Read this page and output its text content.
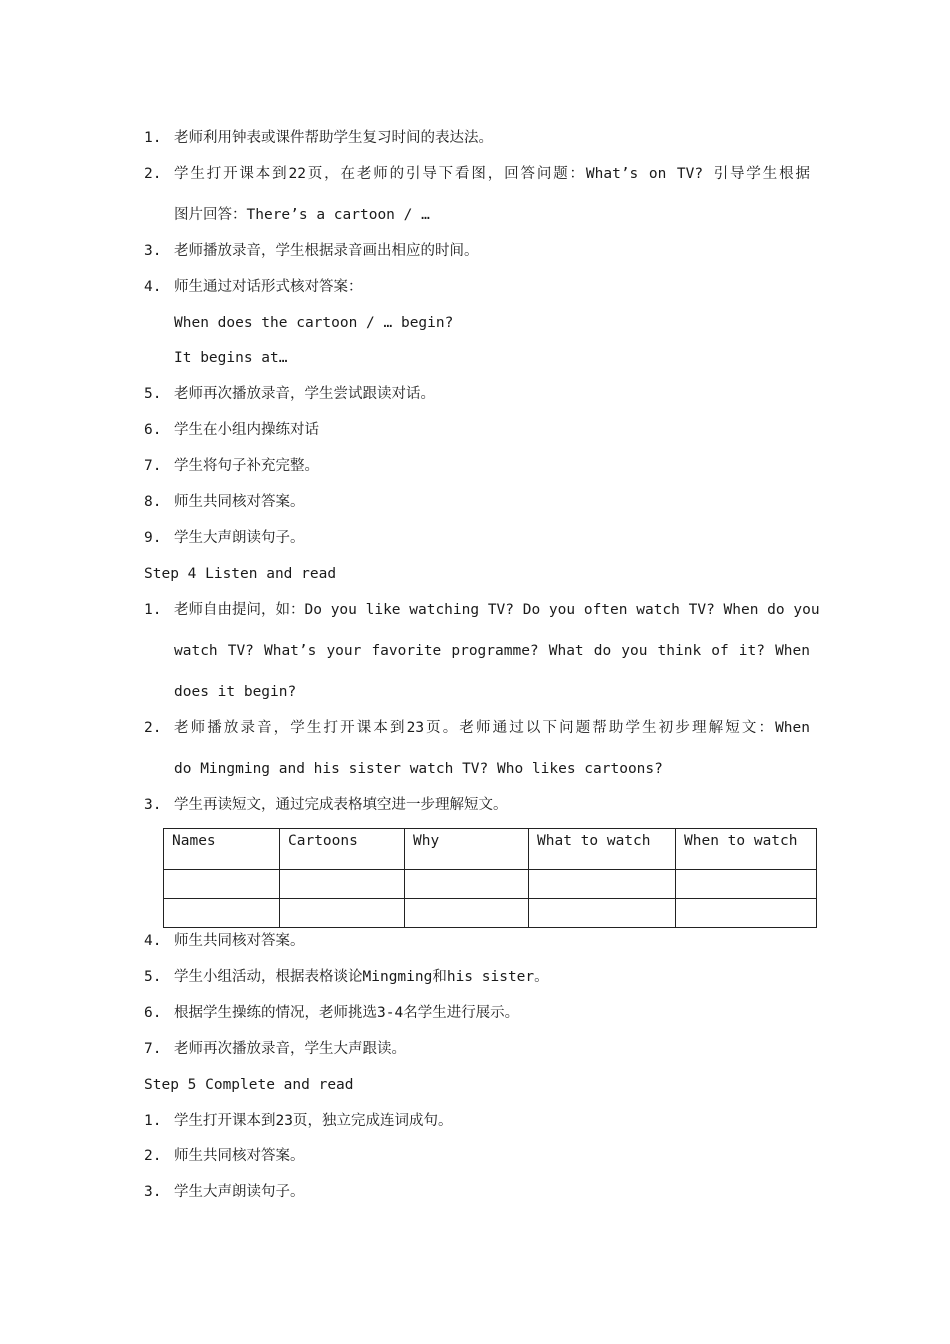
1. 老师利用钟表或课件帮助学生复习时间的表达法。
2. 学生打开课本到22页，在老师的引导下看图，回答问题：What’s on TV? 引导学生根据
图片回答：There’s a cartoon / …
3. 老师播放录音，学生根据录音画出相应的时间。
4. 师生通过对话形式核对答案：
When does the cartoon / … begin?
It begins at…
5. 老师再次播放录音，学生尝试跟读对话。
6. 学生在小组内操练对话
7. 学生将句子补充完整。
8. 师生共同核对答案。
9. 学生大声朗读句子。
Step 4 Listen and read
1. 老师自由提问，如：Do you like watching TV? Do you often watch TV? When do you
watch TV? What’s your favorite programme? What do you think of it? When
does it begin?
2. 老师播放录音，学生打开课本到23页。老师通过以下问题帮助学生初步理解短文：When
do Mingming and his sister watch TV? Who likes cartoons?
3. 学生再读短文，通过完成表格填空进一步理解短文。
Names	Cartoons	Why	What to watch	When to watch

4. 师生共同核对答案。
5. 学生小组活动，根据表格谈论Mingming和his sister。
6. 根据学生操练的情况，老师挑选3-4名学生进行展示。
7. 老师再次播放录音，学生大声跟读。
Step 5 Complete and read
1. 学生打开课本到23页，独立完成连词成句。
2. 师生共同核对答案。
3. 学生大声朗读句子。
